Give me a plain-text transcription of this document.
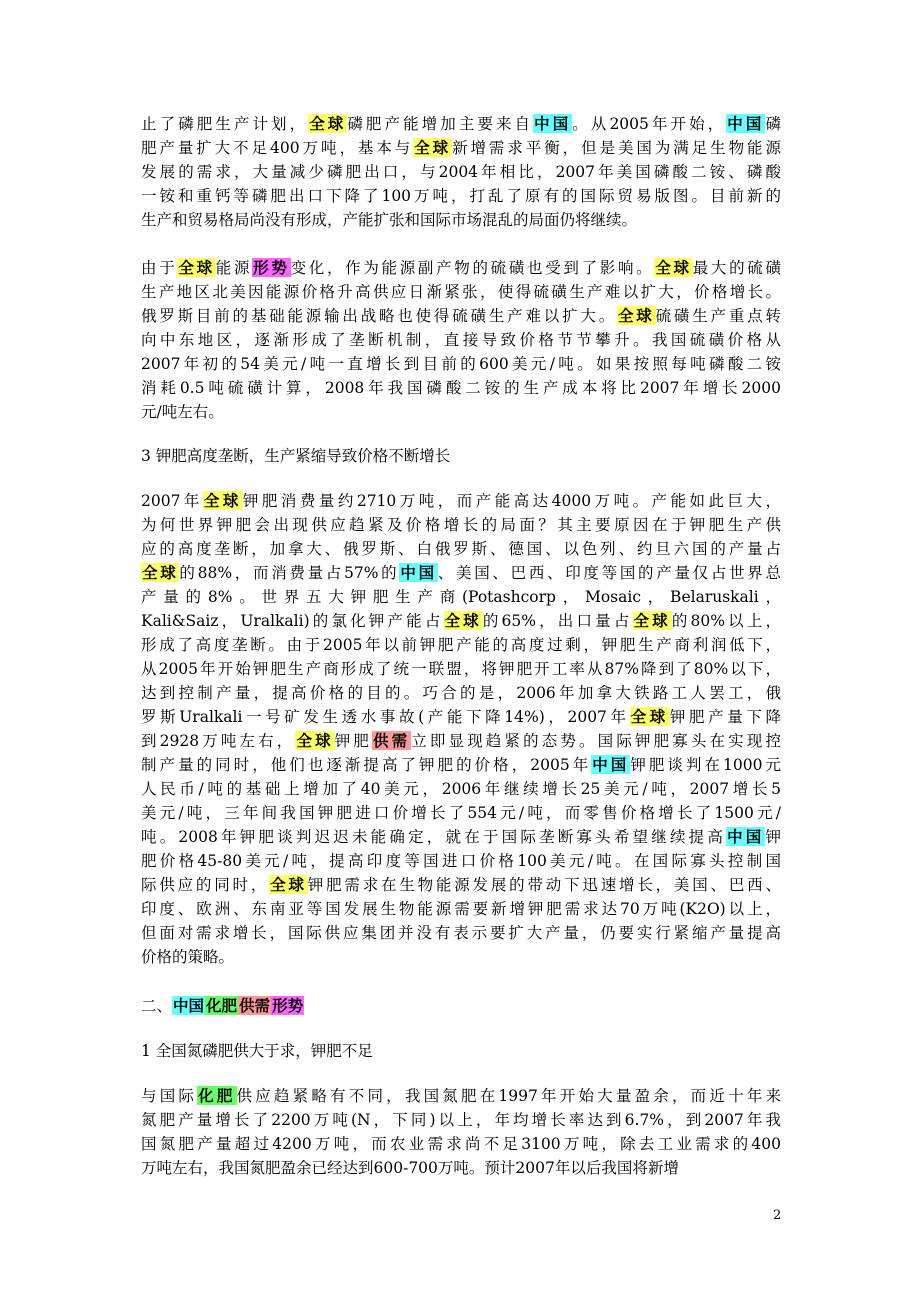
止了磷肥生产计划，全球磷肥产能增加主要来自中国。从2005年开始，中国磷
肥产量扩大不足400万吨，基本与全球新增需求平衡，但是美国为满足生物能源
发展的需求，大量减少磷肥出口，与2004年相比，2007年美国磷酸二铵、磷酸
一铵和重钙等磷肥出口下降了100万吨，打乱了原有的国际贸易版图。目前新的
生产和贸易格局尚没有形成，产能扩张和国际市场混乱的局面仍将继续。

由于全球能源形势变化，作为能源副产物的硫磺也受到了影响。全球最大的硫磺
生产地区北美因能源价格升高供应日渐紧张，使得硫磺生产难以扩大，价格增长。
俄罗斯目前的基础能源输出战略也使得硫磺生产难以扩大。全球硫磺生产重点转
向中东地区，逐渐形成了垄断机制，直接导致价格节节攀升。我国硫磺价格从
2007年初的54美元/吨一直增长到目前的600美元/吨。如果按照每吨磷酸二铵
消耗0.5吨硫磺计算，2008年我国磷酸二铵的生产成本将比2007年增长2000
元/吨左右。

3 钾肥高度垄断，生产紧缩导致价格不断增长

2007年全球钾肥消费量约2710万吨，而产能高达4000万吨。产能如此巨大，
为何世界钾肥会出现供应趋紧及价格增长的局面？其主要原因在于钾肥生产供
应的高度垄断，加拿大、俄罗斯、白俄罗斯、德国、以色列、约旦六国的产量占
全球的88%，而消费量占57%的中国、美国、巴西、印度等国的产量仅占世界总
产量的8%。世界五大钾肥生产商(Potashcorp，Mosaic，Belaruskali，
Kali&Saiz，Uralkali)的氯化钾产能占全球的65%，出口量占全球的80%以上，
形成了高度垄断。由于2005年以前钾肥产能的高度过剩，钾肥生产商利润低下，
从2005年开始钾肥生产商形成了统一联盟，将钾肥开工率从87%降到了80%以下，
达到控制产量，提高价格的目的。巧合的是，2006年加拿大铁路工人罢工，俄
罗斯Uralkali一号矿发生透水事故(产能下降14%)，2007年全球钾肥产量下降
到2928万吨左右，全球钾肥供需立即显现趋紧的态势。国际钾肥寡头在实现控
制产量的同时，他们也逐渐提高了钾肥的价格，2005年中国钾肥谈判在1000元
人民币/吨的基础上增加了40美元，2006年继续增长25美元/吨，2007增长5
美元/吨，三年间我国钾肥进口价增长了554元/吨，而零售价格增长了1500元/
吨。2008年钾肥谈判迟迟未能确定，就在于国际垄断寡头希望继续提高中国钾
肥价格45-80美元/吨，提高印度等国进口价格100美元/吨。在国际寡头控制国
际供应的同时，全球钾肥需求在生物能源发展的带动下迅速增长，美国、巴西、
印度、欧洲、东南亚等国发展生物能源需要新增钾肥需求达70万吨(K2O)以上，
但面对需求增长，国际供应集团并没有表示要扩大产量，仍要实行紧缩产量提高
价格的策略。

二、中国 化肥 供需 形势

1 全国氮磷肥供大于求，钾肥不足

与国际化肥供应趋紧略有不同，我国氮肥在1997年开始大量盈余，而近十年来
氮肥产量增长了2200万吨(N，下同)以上，年均增长率达到6.7%，到2007年我
国氮肥产量超过4200万吨，而农业需求尚不足3100万吨，除去工业需求的400
万吨左右，我国氮肥盈余已经达到600-700万吨。预计2007年以后我国将新增

2
